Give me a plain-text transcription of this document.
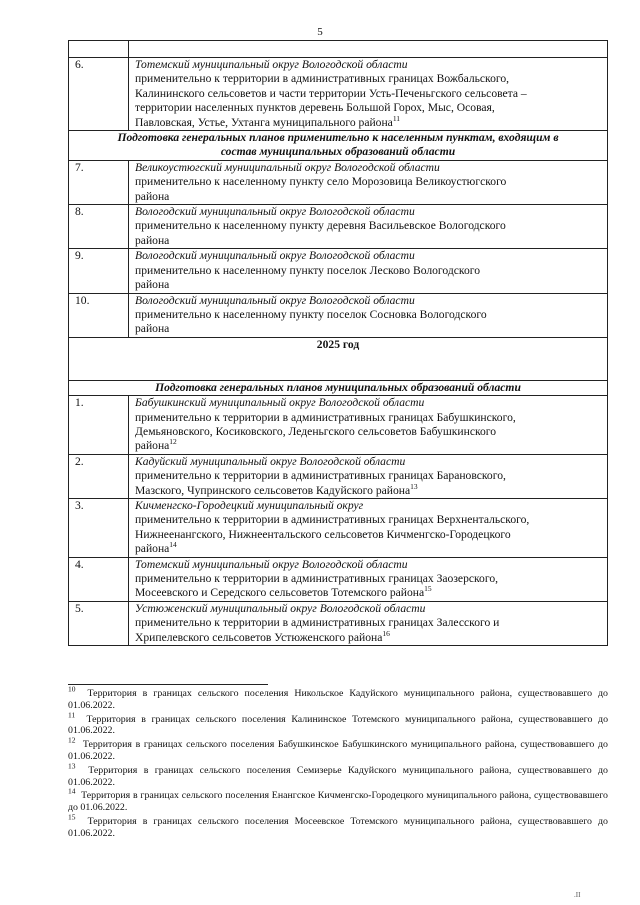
5

6.	Тотемский муниципальный округ Вологодской области
применительно к территории в административных границах Вожбальского,
Калининского сельсоветов и части территории Усть-Печеньгского сельсовета –
территории населенных пунктов деревень Большой Горох, Мыс, Осовая,
Павловская, Устье, Ухтанга муниципального района$^{11}$

Подготовка генеральных планов применительно к населенным пунктам, входящим в
состав муниципальных образований области	

7.	Великоустюгский муниципальный округ Вологодской области
применительно к населенному пункту село Морозовица Великоустюгского
района

8.	Вологодский муниципальный округ Вологодской области
применительно к населенному пункту деревня Васильевское Вологодского
района

9.	Вологодский муниципальный округ Вологодской области
применительно к населенному пункту поселок Лесково Вологодского
района

10.	Вологодский муниципальный округ Вологодской области
применительно к населенному пункту поселок Сосновка Вологодского
района

2025 год	
Подготовка генеральных планов муниципальных образований области	
1.	Бабушкинский муниципальный округ Вологодской области
применительно к территории в административных границах Бабушкинского,
Демьяновского, Косиковского, Леденьгского сельсоветов Бабушкинского
района$^{12}$

2.	Кадуйский муниципальный округ Вологодской области
применительно к территории в административных границах Барановского,
Мазского, Чупринского сельсоветов Кадуйского района$^{13}$

3.	Кичменгско-Городецкий муниципальный округ
применительно к территории в административных границах Верхнентальского,
Нижнеенангского, Нижнеентальского сельсоветов Кичменгско-Городецкого
района$^{14}$

4.	Тотемский муниципальный округ Вологодской области
применительно к территории в административных границах Заозерского,
Мосеевского и Середского сельсоветов Тотемского района$^{15}$

5.	Устюженский муниципальный округ Вологодской области
применительно к территории в административных границах Залесского и
Хрипелевского сельсоветов Устюженского района$^{16}$
$^{10}$ Территория в границах сельского поселения Никольское Кадуйского муниципального района, существовавшего до 01.06.2022.
$^{11}$ Территория в границах сельского поселения Калининское Тотемского муниципального района, существовавшего до 01.06.2022.
$^{12}$ Территория в границах сельского поселения Бабушкинское Бабушкинского муниципального района, существовавшего до 01.06.2022.
$^{13}$ Территория в границах сельского поселения Семизерье Кадуйского муниципального района, существовавшего до 01.06.2022.
$^{14}$ Территория в границах сельского поселения Енангское Кичменгско-Городецкого муниципального района, существовавшего до 01.06.2022.
$^{15}$ Территория в границах сельского поселения Мосеевское Тотемского муниципального района, существовавшего до 01.06.2022.
.ІІ
